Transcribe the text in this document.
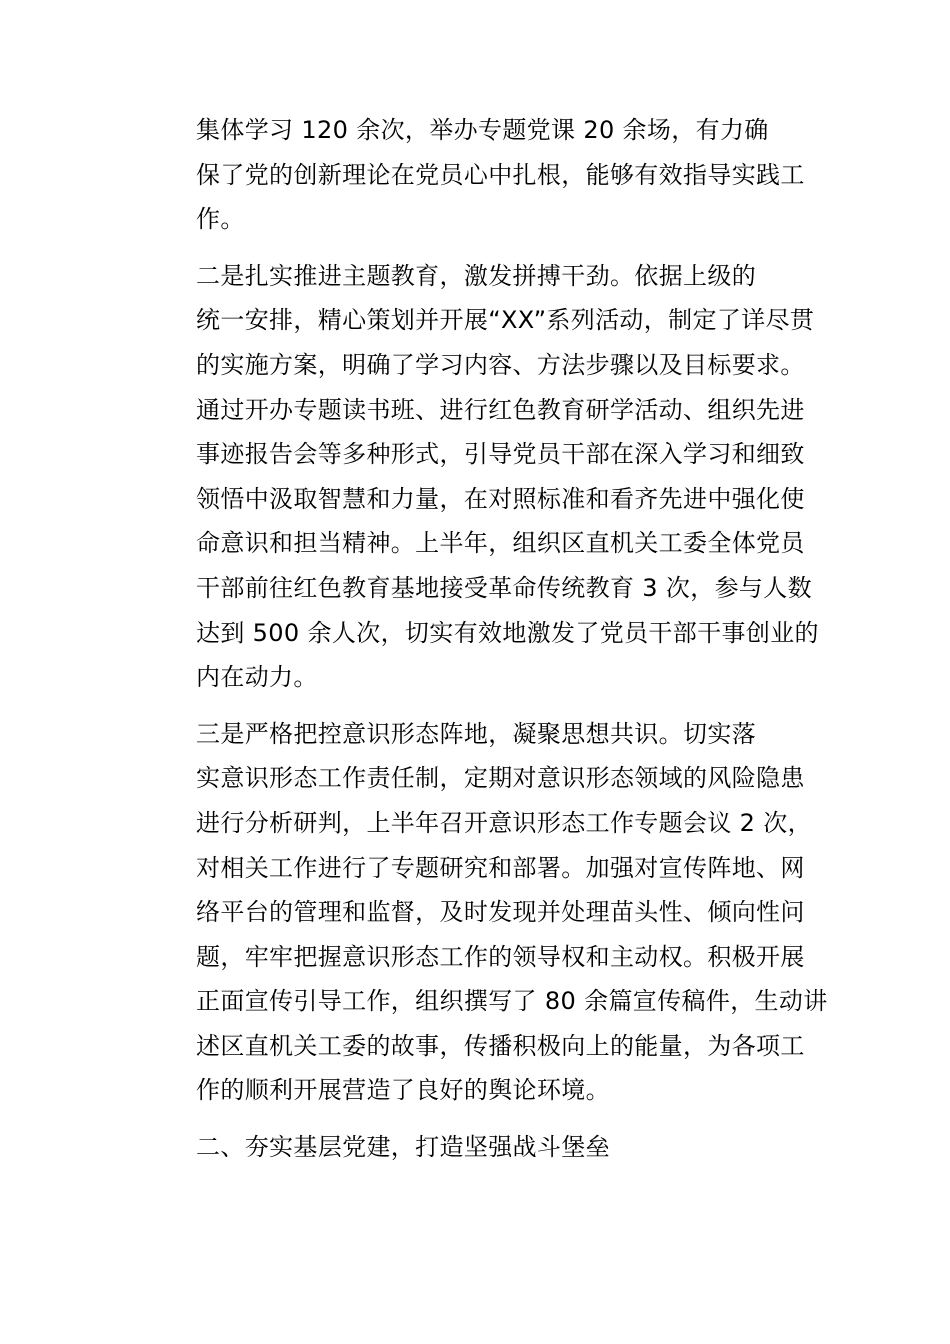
集体学习 120 余次，举办专题党课 20 余场，有力确
保了党的创新理论在党员心中扎根，能够有效指导实践工
作。

二是扎实推进主题教育，激发拼搏干劲。依据上级的
统一安排，精心策划并开展“XX”系列活动，制定了详尽贯
的实施方案，明确了学习内容、方法步骤以及目标要求。
通过开办专题读书班、进行红色教育研学活动、组织先进
事迹报告会等多种形式，引导党员干部在深入学习和细致
领悟中汲取智慧和力量，在对照标准和看齐先进中强化使
命意识和担当精神。上半年，组织区直机关工委全体党员
干部前往红色教育基地接受革命传统教育 3 次，参与人数
达到 500 余人次，切实有效地激发了党员干部干事创业的
内在动力。

三是严格把控意识形态阵地，凝聚思想共识。切实落
实意识形态工作责任制，定期对意识形态领域的风险隐患
进行分析研判，上半年召开意识形态工作专题会议 2 次，
对相关工作进行了专题研究和部署。加强对宣传阵地、网
络平台的管理和监督，及时发现并处理苗头性、倾向性问
题，牢牢把握意识形态工作的领导权和主动权。积极开展
正面宣传引导工作，组织撰写了 80 余篇宣传稿件，生动讲
述区直机关工委的故事，传播积极向上的能量，为各项工
作的顺利开展营造了良好的舆论环境。

二、夯实基层党建，打造坚强战斗堡垒
